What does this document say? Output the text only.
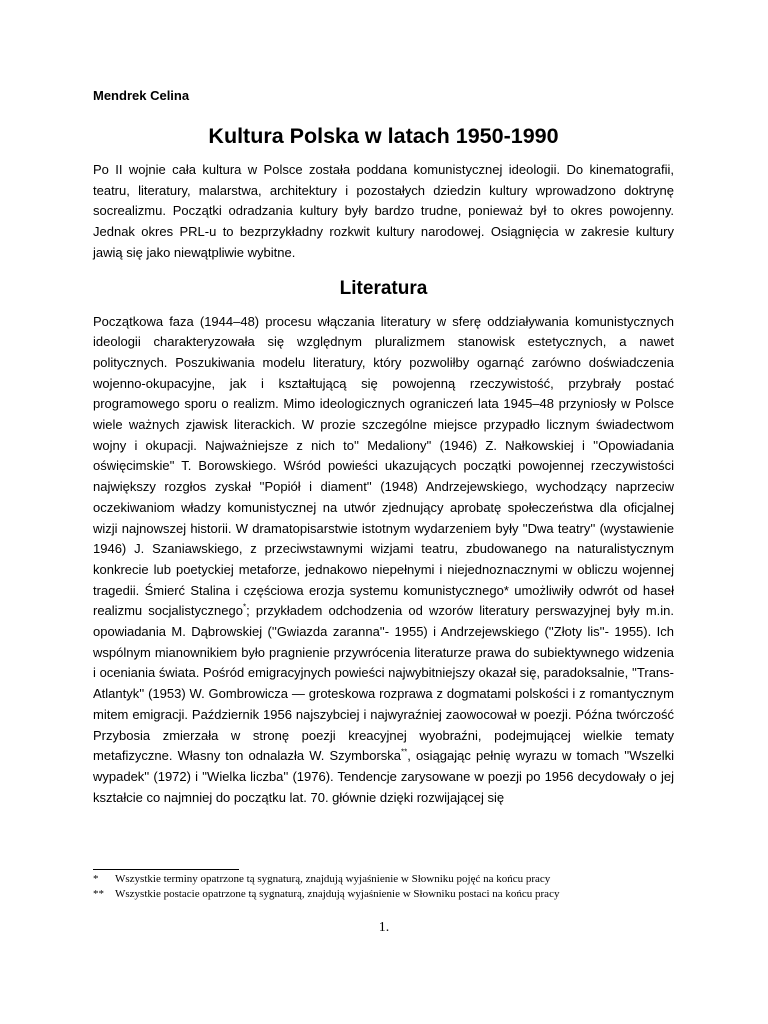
Mendrek Celina

Kultura Polska w latach 1950-1990

Po II wojnie cała kultura w Polsce została poddana komunistycznej ideologii. Do kinematografii, teatru, literatury, malarstwa, architektury i pozostałych dziedzin kultury wprowadzono doktrynę socrealizmu. Początki odradzania kultury były bardzo trudne, ponieważ był to okres powojenny. Jednak okres PRL-u to bezprzykładny rozkwit kultury narodowej. Osiągnięcia w zakresie kultury jawią się jako niewątpliwie wybitne.

Literatura

Początkowa faza (1944–48) procesu włączania literatury w sferę oddziaływania komunistycznych ideologii charakteryzowała się względnym pluralizmem stanowisk estetycznych, a nawet politycznych. Poszukiwania modelu literatury, który pozwoliłby ogarnąć zarówno doświadczenia wojenno-okupacyjne, jak i kształtującą się powojenną rzeczywistość, przybrały postać programowego sporu o realizm. Mimo ideologicznych ograniczeń lata 1945–48 przyniosły w Polsce wiele ważnych zjawisk literackich. W prozie szczególne miejsce przypadło licznym świadectwom wojny i okupacji. Najważniejsze z nich to'' Medaliony'' (1946) Z. Nałkowskiej i ''Opowiadania oświęcimskie'' T. Borowskiego. Wśród powieści ukazujących początki powojennej rzeczywistości największy rozgłos zyskał ''Popiół i diament'' (1948) Andrzejewskiego, wychodzący naprzeciw oczekiwaniom władzy komunistycznej na utwór zjednujący aprobatę społeczeństwa dla oficjalnej wizji najnowszej historii. W dramatopisarstwie istotnym wydarzeniem były ''Dwa teatry'' (wystawienie 1946) J. Szaniawskiego, z przeciwstawnymi wizjami teatru, zbudowanego na naturalistycznym konkrecie lub poetyckiej metaforze, jednakowo niepełnymi i niejednoznacznymi w obliczu wojennej tragedii. Śmierć Stalina i częściowa erozja systemu komunistycznego* umożliwiły odwrót od haseł realizmu socjalistycznego*; przykładem odchodzenia od wzorów literatury perswazyjnej były m.in. opowiadania M. Dąbrowskiej (''Gwiazda zaranna''- 1955) i Andrzejewskiego (''Złoty lis''- 1955). Ich wspólnym mianownikiem było pragnienie przywrócenia literaturze prawa do subiektywnego widzenia i oceniania świata. Pośród emigracyjnych powieści najwybitniejszy okazał się, paradoksalnie, ''Trans-Atlantyk'' (1953) W. Gombrowicza — groteskowa rozprawa z dogmatami polskości i z romantycznym mitem emigracji. Październik 1956 najszybciej i najwyraźniej zaowocował w poezji. Późna twórczość Przybosia zmierzała w stronę poezji kreacyjnej wyobraźni, podejmującej wielkie tematy metafizyczne. Własny ton odnalazła W. Szymborska**, osiągając pełnię wyrazu w tomach ''Wszelki wypadek'' (1972) i ''Wielka liczba'' (1976). Tendencje zarysowane w poezji po 1956 decydowały o jej kształcie co najmniej do początku lat. 70. głównie dzięki rozwijającej się

*	Wszystkie terminy opatrzone tą sygnaturą, znajdują wyjaśnienie w Słowniku pojęć na końcu pracy
**	Wszystkie postacie opatrzone tą sygnaturą, znajdują wyjaśnienie w Słowniku postaci na końcu pracy
1.
